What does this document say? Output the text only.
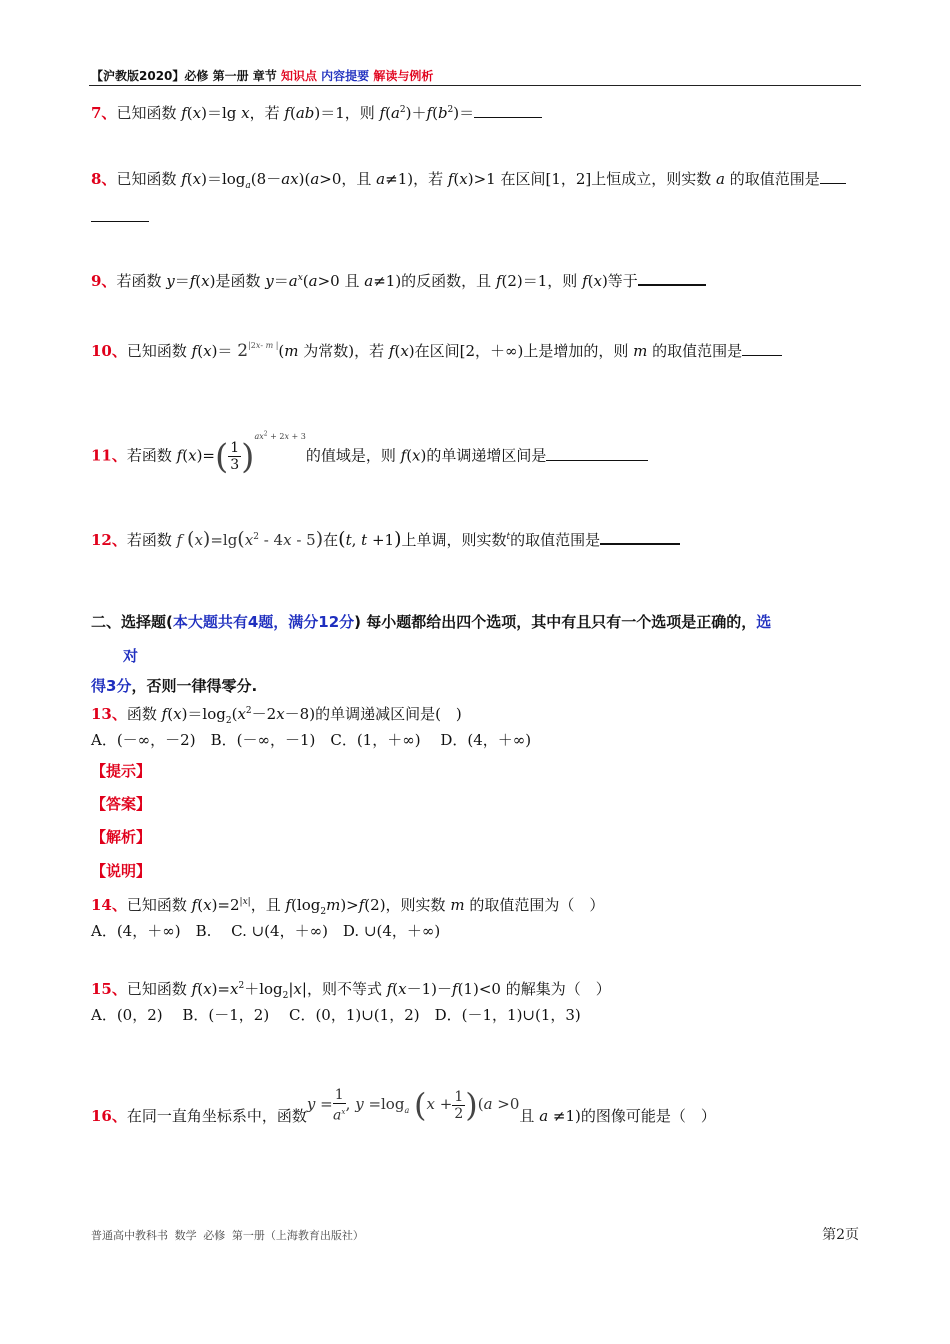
【沪教版2020】必修 第一册 章节 知识点 内容提要 解读与例析
7、已知函数 f(x)＝lg x，若 f(ab)＝1，则 $f(a^2)+f(b^2)=$
8、已知函数 $f(x)=\log_a(8-ax)(a>0$，且 a≠1)，若 f(x)>1 在区间[1，2]上恒成立，则实数 a 的取值范围是
9、若函数 y＝f(x)是函数 $y=a^x(a>0$ 且 a≠1)的反函数，且 f(2)＝1，则 f(x)等于
10、已知函数 $f(x)= 2^{|2x- m |}(m$ 为常数)，若 f(x)在区间[2，＋∞)上是增加的，则 m 的取值范围是
11、若函数 $f(x)=( \frac{1}{3} )^{ax^2 + 2x + 3}$的值域是，则 f(x)的单调递增区间是
12、若函数 f $(x)=\lg(x^2 - 4x - 5)$在(t, t +1)上单调，则实数$^t$的取值范围是
二、选择题(本大题共有4题，满分12分) 每小题都给出四个选项，其中有且只有一个选项是正确的，选
对
得3分，否则一律得零分.
13、函数 $f(x)=\log_2(x^2-2x-8)$的单调递减区间是(　)
A．(－∞，－2)　B．(－∞，－1)　C．(1，＋∞)　 D．(4，＋∞)
【提示】
【答案】
【解析】
【说明】
14、已知函数 $f(x)=2^{|x|}$，且 $f(\log_2m)>f(2)$，则实数 m 的取值范围为（　）
A．(4，＋∞)　B.　 C. ∪(4，＋∞)　D. ∪(4，＋∞)
15、已知函数 $f(x)=x^2+\log_2|x|$，则不等式 f(x－1)－f(1)<0 的解集为（　）
A．(0，2)　 B．(－1，2)　 C．(0，1)∪(1，2)　D．(－1，1)∪(1，3)
16、在同一直角坐标系中，函数$y = \frac{1}{a^x}$ , $y =\log_a$ $(x + \frac{1}{2} )(a >0$且 a ≠1)的图像可能是（　）
普通高中教科书 数学 必修 第一册（上海教育出版社）	第2页
